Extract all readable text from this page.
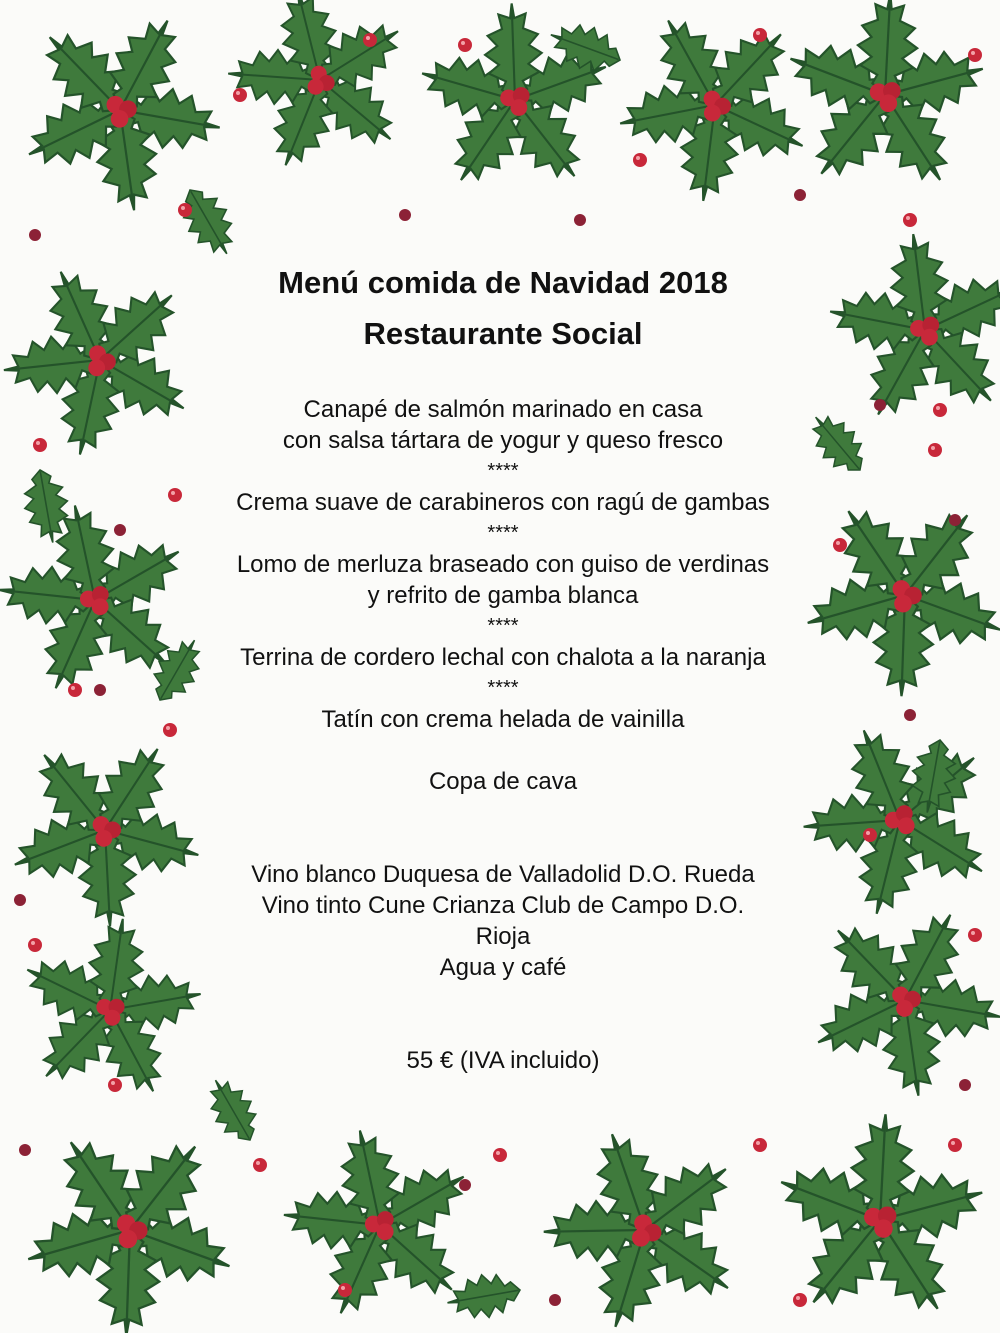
Menú comida de Navidad 2018
Restaurante Social
Canapé de salmón marinado en casa
con salsa tártara de yogur y queso fresco
****
Crema suave de carabineros con ragú de gambas
****
Lomo de merluza braseado con guiso de verdinas
y refrito de gamba blanca
****
Terrina de cordero lechal con chalota a la naranja
****
Tatín con crema helada de vainilla
Copa de cava
Vino blanco Duquesa de Valladolid D.O. Rueda
Vino tinto Cune Crianza Club de Campo D.O.
Rioja
Agua y café
55 € (IVA incluido)
